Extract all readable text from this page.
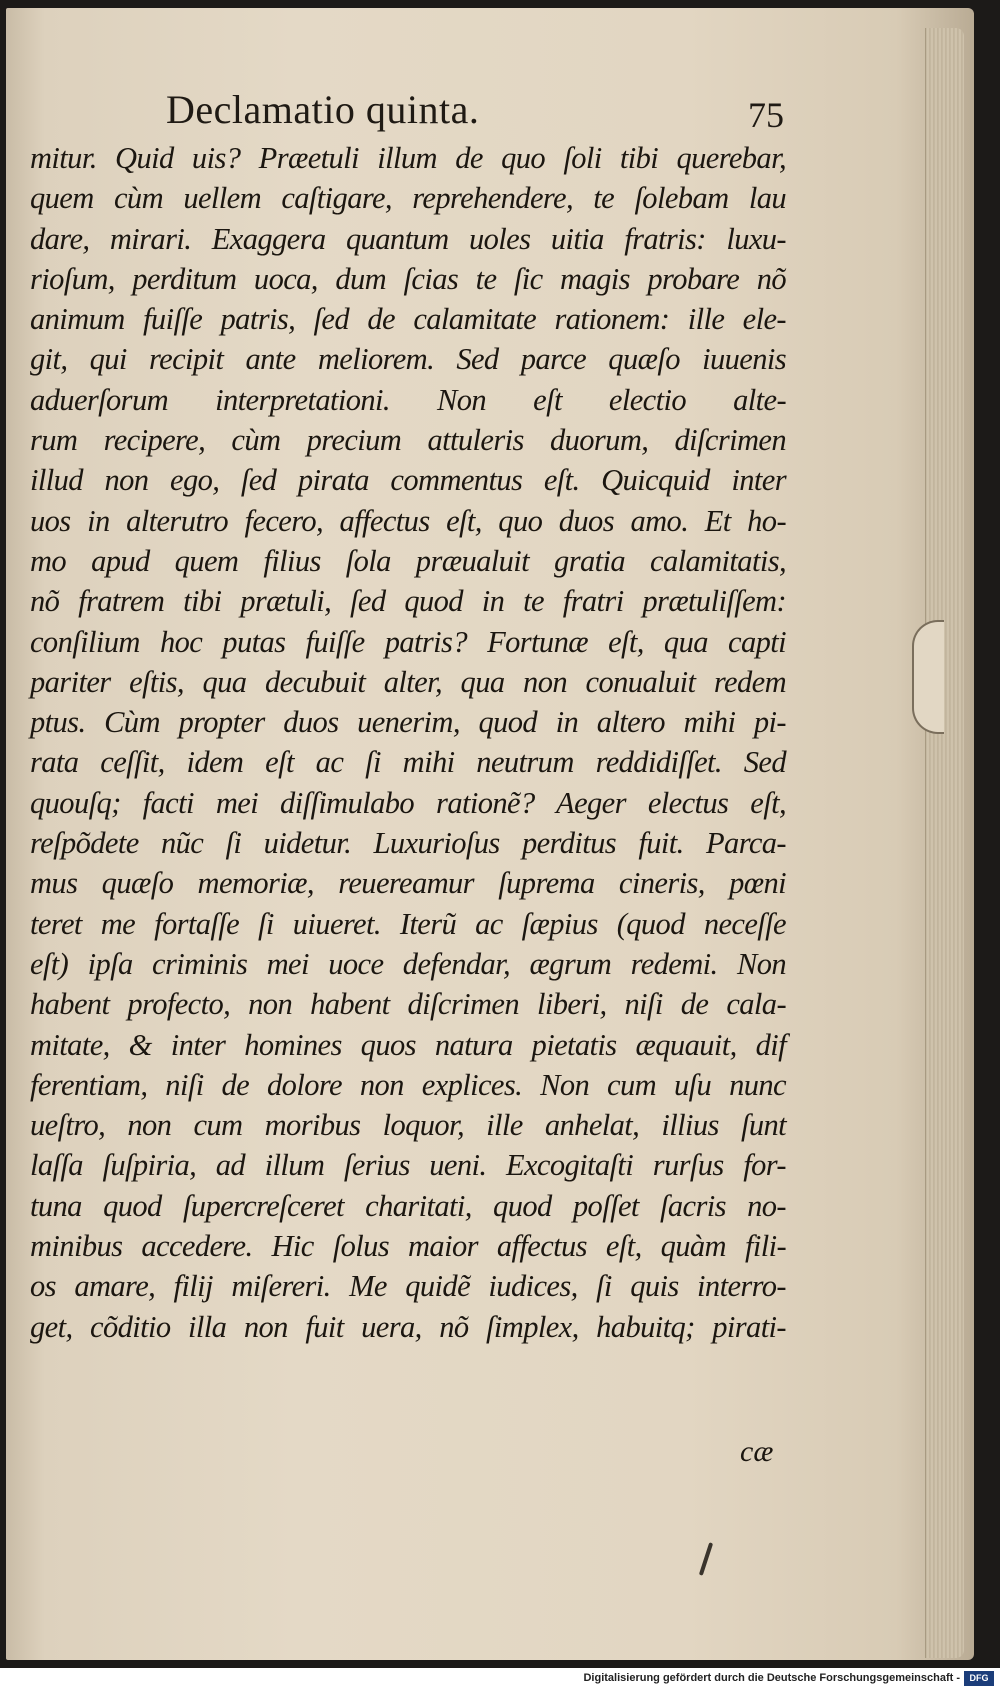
Declamatio quinta.	75
mitur. Quid uis? Præetuli illum de quo ſoli tibi querebar,
quem cùm uellem caſtigare, reprehendere, te ſolebam lau
dare, mirari. Exaggera quantum uoles uitia fratris: luxu-
rioſum, perditum uoca, dum ſcias te ſic magis probare nõ
animum fuiſſe patris, ſed de calamitate rationem: ille ele-
git, qui recipit ante meliorem. Sed parce quæſo iuuenis
aduerſorum interpretationi. Non eſt electio alte-
rum recipere, cùm precium attuleris duorum, diſcrimen
illud non ego, ſed pirata commentus eſt. Quicquid inter
uos in alterutro fecero, affectus eſt, quo duos amo. Et ho-
mo apud quem filius ſola præualuit gratia calamitatis,
nõ fratrem tibi prætuli, ſed quod in te fratri prætuliſſem:
conſilium hoc putas fuiſſe patris? Fortunæ eſt, qua capti
pariter eſtis, qua decubuit alter, qua non conualuit redem
ptus. Cùm propter duos uenerim, quod in altero mihi pi-
rata ceſſit, idem eſt ac ſi mihi neutrum reddidiſſet. Sed
quouſq; facti mei diſſimulabo rationẽ? Aeger electus eſt,
reſpõdete nũc ſi uidetur. Luxurioſus perditus fuit. Parca-
mus quæſo memoriæ, reuereamur ſuprema cineris, pœni
teret me fortaſſe ſi uiueret. Iterũ ac ſæpius (quod neceſſe
eſt) ipſa criminis mei uoce defendar, ægrum redemi. Non
habent profecto, non habent diſcrimen liberi, niſi de cala-
mitate, & inter homines quos natura pietatis æquauit, dif
ferentiam, niſi de dolore non explices. Non cum uſu nunc
ueſtro, non cum moribus loquor, ille anhelat, illius ſunt
laſſa ſuſpiria, ad illum ſerius ueni. Excogitaſti rurſus for-
tuna quod ſupercreſceret charitati, quod poſſet ſacris no-
minibus accedere. Hic ſolus maior affectus eſt, quàm fili-
os amare, filij miſereri. Me quidẽ iudices, ſi quis interro-
get, cõditio illa non fuit uera, nõ ſimplex, habuitq; pirati-
cæ
Digitalisierung gefördert durch die Deutsche Forschungsgemeinschaft -	DFG
